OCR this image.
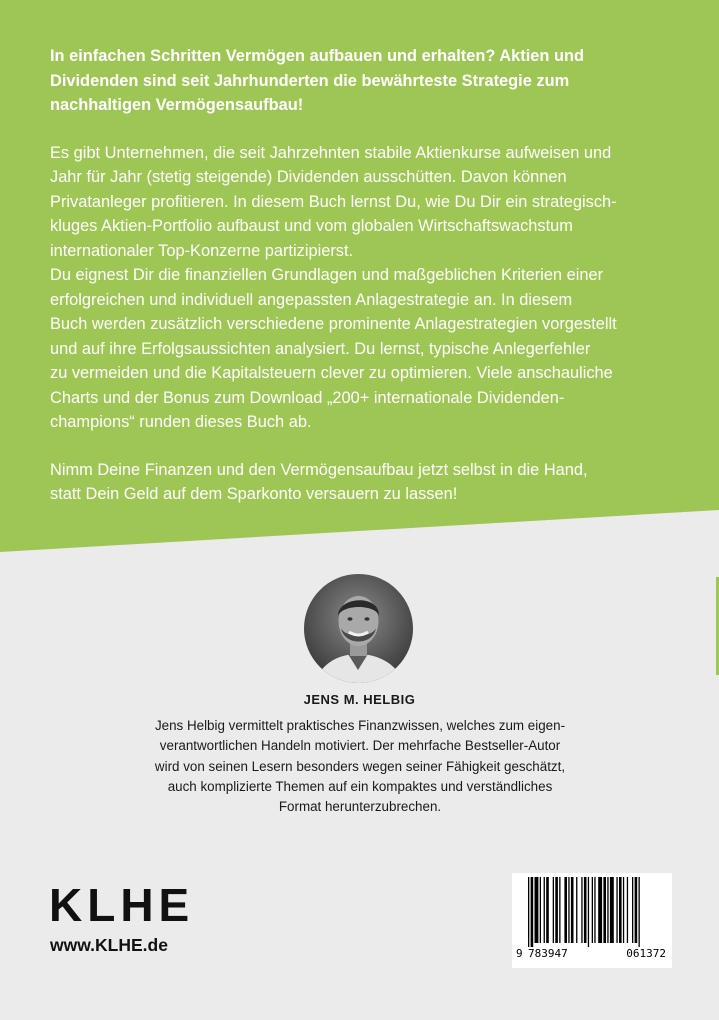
In einfachen Schritten Vermögen aufbauen und erhalten? Aktien und
Dividenden sind seit Jahrhunderten die bewährteste Strategie zum
nachhaltigen Vermögensaufbau!

Es gibt Unternehmen, die seit Jahrzehnten stabile Aktienkurse aufweisen und
Jahr für Jahr (stetig steigende) Dividenden ausschütten. Davon können
Privatanleger profitieren. In diesem Buch lernst Du, wie Du Dir ein strategisch-
kluges Aktien-Portfolio aufbaust und vom globalen Wirtschaftswachstum
internationaler Top-Konzerne partizipierst.
Du eignest Dir die finanziellen Grundlagen und maßgeblichen Kriterien einer
erfolgreichen und individuell angepassten Anlagestrategie an. In diesem
Buch werden zusätzlich verschiedene prominente Anlagestrategien vorgestellt
und auf ihre Erfolgsaussichten analysiert. Du lernst, typische Anlegerfehler
zu vermeiden und die Kapitalsteuern clever zu optimieren. Viele anschauliche
Charts und der Bonus zum Download „200+ internationale Dividenden-
champions“ runden dieses Buch ab.

Nimm Deine Finanzen und den Vermögensaufbau jetzt selbst in die Hand,
statt Dein Geld auf dem Sparkonto versauern zu lassen!

JENS M. HELBIG
Jens Helbig vermittelt praktisches Finanzwissen, welches zum eigen-
verantwortlichen Handeln motiviert. Der mehrfache Bestseller-Autor
wird von seinen Lesern besonders wegen seiner Fähigkeit geschätzt,
auch komplizierte Themen auf ein kompaktes und verständliches
Format herunterzubrechen.
KLHE
www.KLHE.de	9 783947	061372
